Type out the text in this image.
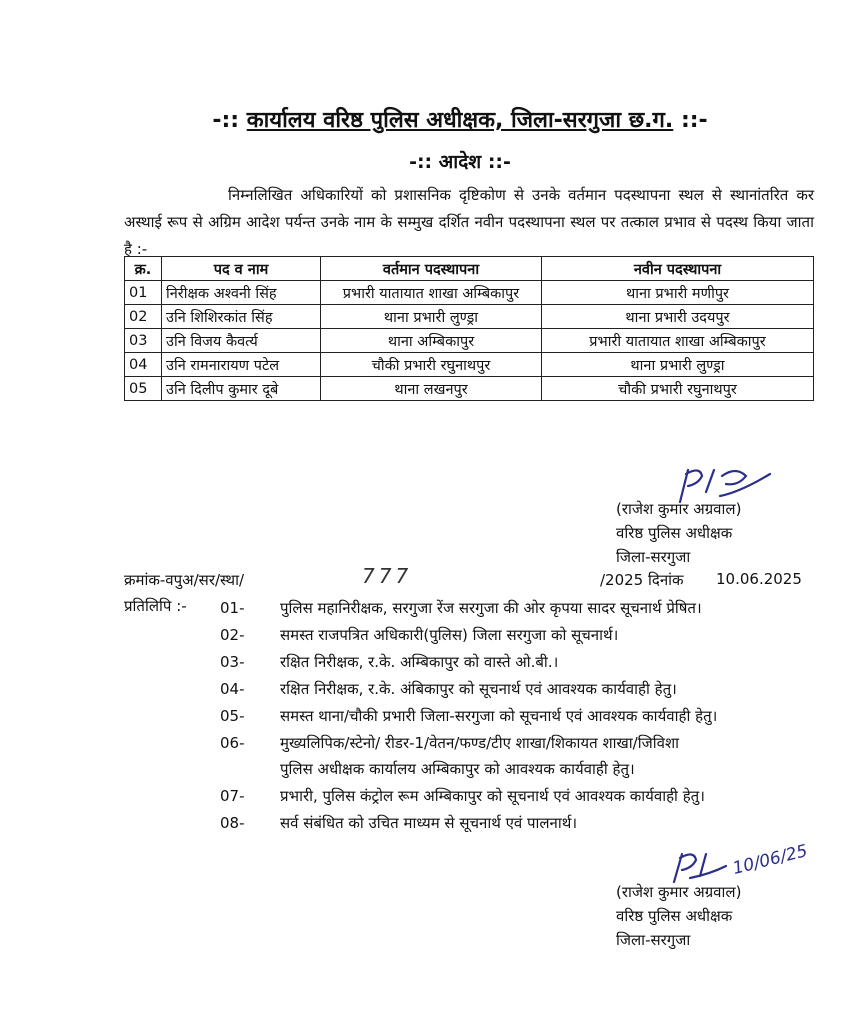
-:: कार्यालय वरिष्ठ पुलिस अधीक्षक, जिला-सरगुजा छ.ग. ::-
-:: आदेश ::-
निम्नलिखित अधिकारियों को प्रशासनिक दृष्टिकोण से उनके वर्तमान पदस्थापना स्थल से स्थानांतरित कर अस्थाई रूप से अग्रिम आदेश पर्यन्त उनके नाम के सम्मुख दर्शित नवीन पदस्थापना स्थल पर तत्काल प्रभाव से पदस्थ किया जाता है :-
क्र.	पद व नाम	वर्तमान पदस्थापना	नवीन पदस्थापना
01	निरीक्षक अश्वनी सिंह	प्रभारी यातायात शाखा अम्बिकापुर	थाना प्रभारी मणीपुर
02	उनि शिशिरकांत सिंह	थाना प्रभारी लुण्ड्रा	थाना प्रभारी उदयपुर
03	उनि विजय कैवर्त्य	थाना अम्बिकापुर	प्रभारी यातायात शाखा अम्बिकापुर
04	उनि रामनारायण पटेल	चौकी प्रभारी रघुनाथपुर	थाना प्रभारी लुण्ड्रा
05	उनि दिलीप कुमार दूबे	थाना लखनपुर	चौकी प्रभारी रघुनाथपुर
(राजेश कुमार अग्रवाल)
वरिष्ठ पुलिस अधीक्षक
जिला-सरगुजा
क्रमांक-वपुअ/सर/स्था/	777	/2025 दिनांक 10.06.2025
प्रतिलिपि :- 01-	पुलिस महानिरीक्षक, सरगुजा रेंज सरगुजा की ओर कृपया सादर सूचनार्थ प्रेषित।
02-	समस्त राजपत्रित अधिकारी(पुलिस) जिला सरगुजा को सूचनार्थ।
03-	रक्षित निरीक्षक, र.के. अम्बिकापुर को वास्ते ओ.बी.।
04-	रक्षित निरीक्षक, र.के. अंबिकापुर को सूचनार्थ एवं आवश्यक कार्यवाही हेतु।
05-	समस्त थाना/चौकी प्रभारी जिला-सरगुजा को सूचनार्थ एवं आवश्यक कार्यवाही हेतु।
06-	मुख्यलिपिक/स्टेनो/ रीडर-1/वेतन/फण्ड/टीए शाखा/शिकायत शाखा/जिविशा
पुलिस अधीक्षक कार्यालय अम्बिकापुर को आवश्यक कार्यवाही हेतु।
07-	प्रभारी, पुलिस कंट्रोल रूम अम्बिकापुर को सूचनार्थ एवं आवश्यक कार्यवाही हेतु।
08-	सर्व संबंधित को उचित माध्यम से सूचनार्थ एवं पालनार्थ।
10/06/25
(राजेश कुमार अग्रवाल)
वरिष्ठ पुलिस अधीक्षक
जिला-सरगुजा
